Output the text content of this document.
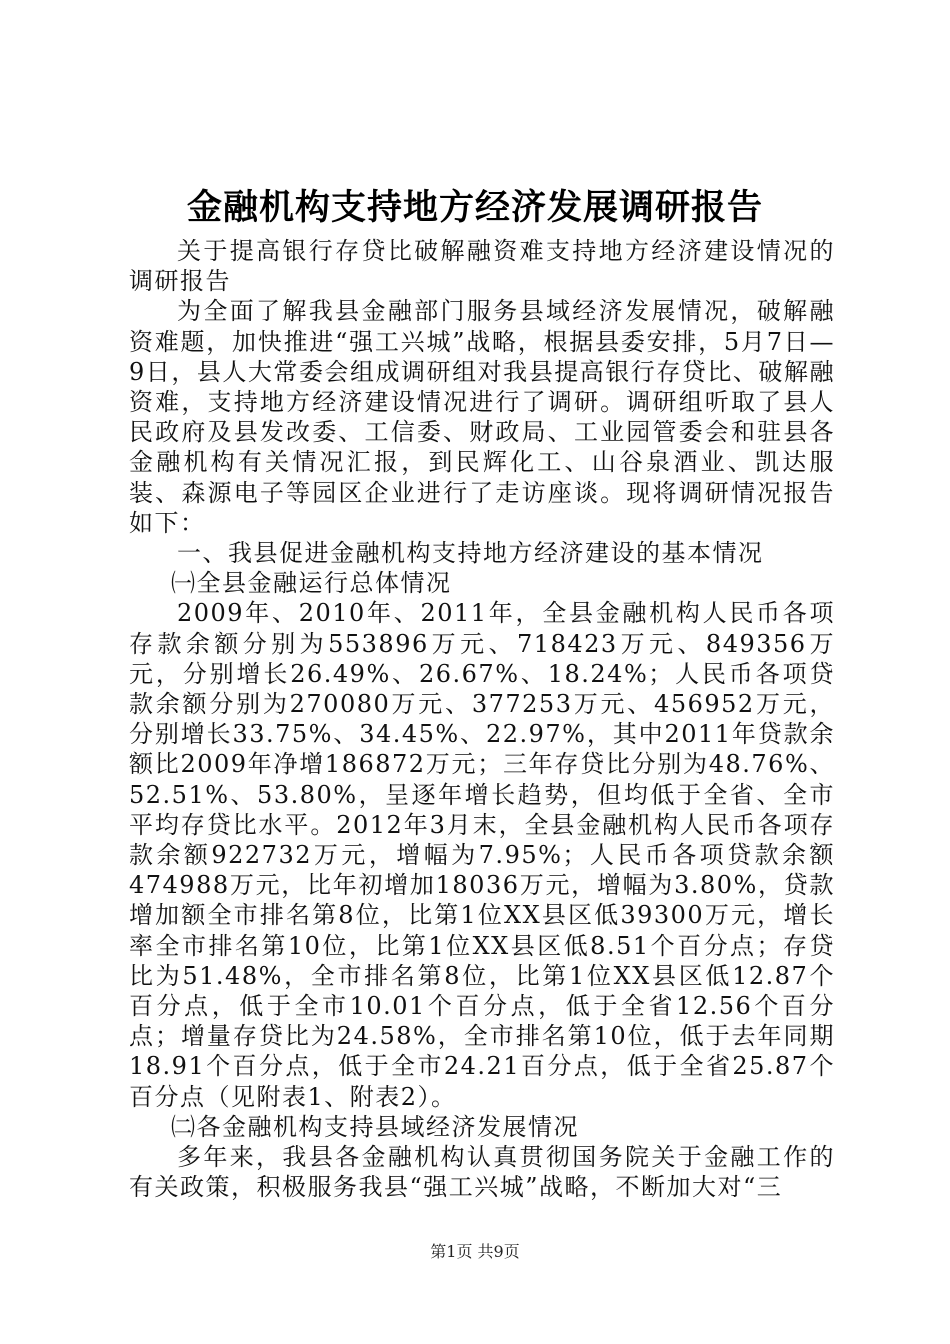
金融机构支持地方经济发展调研报告

关于提高银行存贷比破解融资难支持地方经济建设情况的调研报告

为全面了解我县金融部门服务县域经济发展情况，破解融资难题，加快推进“强工兴城”战略，根据县委安排，5月7日—9日，县人大常委会组成调研组对我县提高银行存贷比、破解融资难，支持地方经济建设情况进行了调研。调研组听取了县人民政府及县发改委、工信委、财政局、工业园管委会和驻县各金融机构有关情况汇报，到民辉化工、山谷泉酒业、凯达服装、森源电子等园区企业进行了走访座谈。现将调研情况报告如下：

一、我县促进金融机构支持地方经济建设的基本情况

㈠全县金融运行总体情况

2009年、2010年、2011年，全县金融机构人民币各项存款余额分别为553896万元、718423万元、849356万元，分别增长26.49%、26.67%、18.24%；人民币各项贷款余额分别为270080万元、377253万元、456952万元，分别增长33.75%、34.45%、22.97%，其中2011年贷款余额比2009年净增186872万元；三年存贷比分别为48.76%、52.51%、53.80%，呈逐年增长趋势，但均低于全省、全市平均存贷比水平。2012年3月末，全县金融机构人民币各项存款余额922732万元，增幅为7.95%；人民币各项贷款余额474988万元，比年初增加18036万元，增幅为3.80%，贷款增加额全市排名第8位，比第1位XX县区低39300万元，增长率全市排名第10位，比第1位XX县区低8.51个百分点；存贷比为51.48%，全市排名第8位，比第1位XX县区低12.87个百分点，低于全市10.01个百分点，低于全省12.56个百分点；增量存贷比为24.58%，全市排名第10位，低于去年同期18.91个百分点，低于全市24.21百分点，低于全省25.87个百分点（见附表1、附表2）。

㈡各金融机构支持县域经济发展情况

多年来，我县各金融机构认真贯彻国务院关于金融工作的有关政策，积极服务我县“强工兴城”战略，不断加大对“三

第1页 共9页
